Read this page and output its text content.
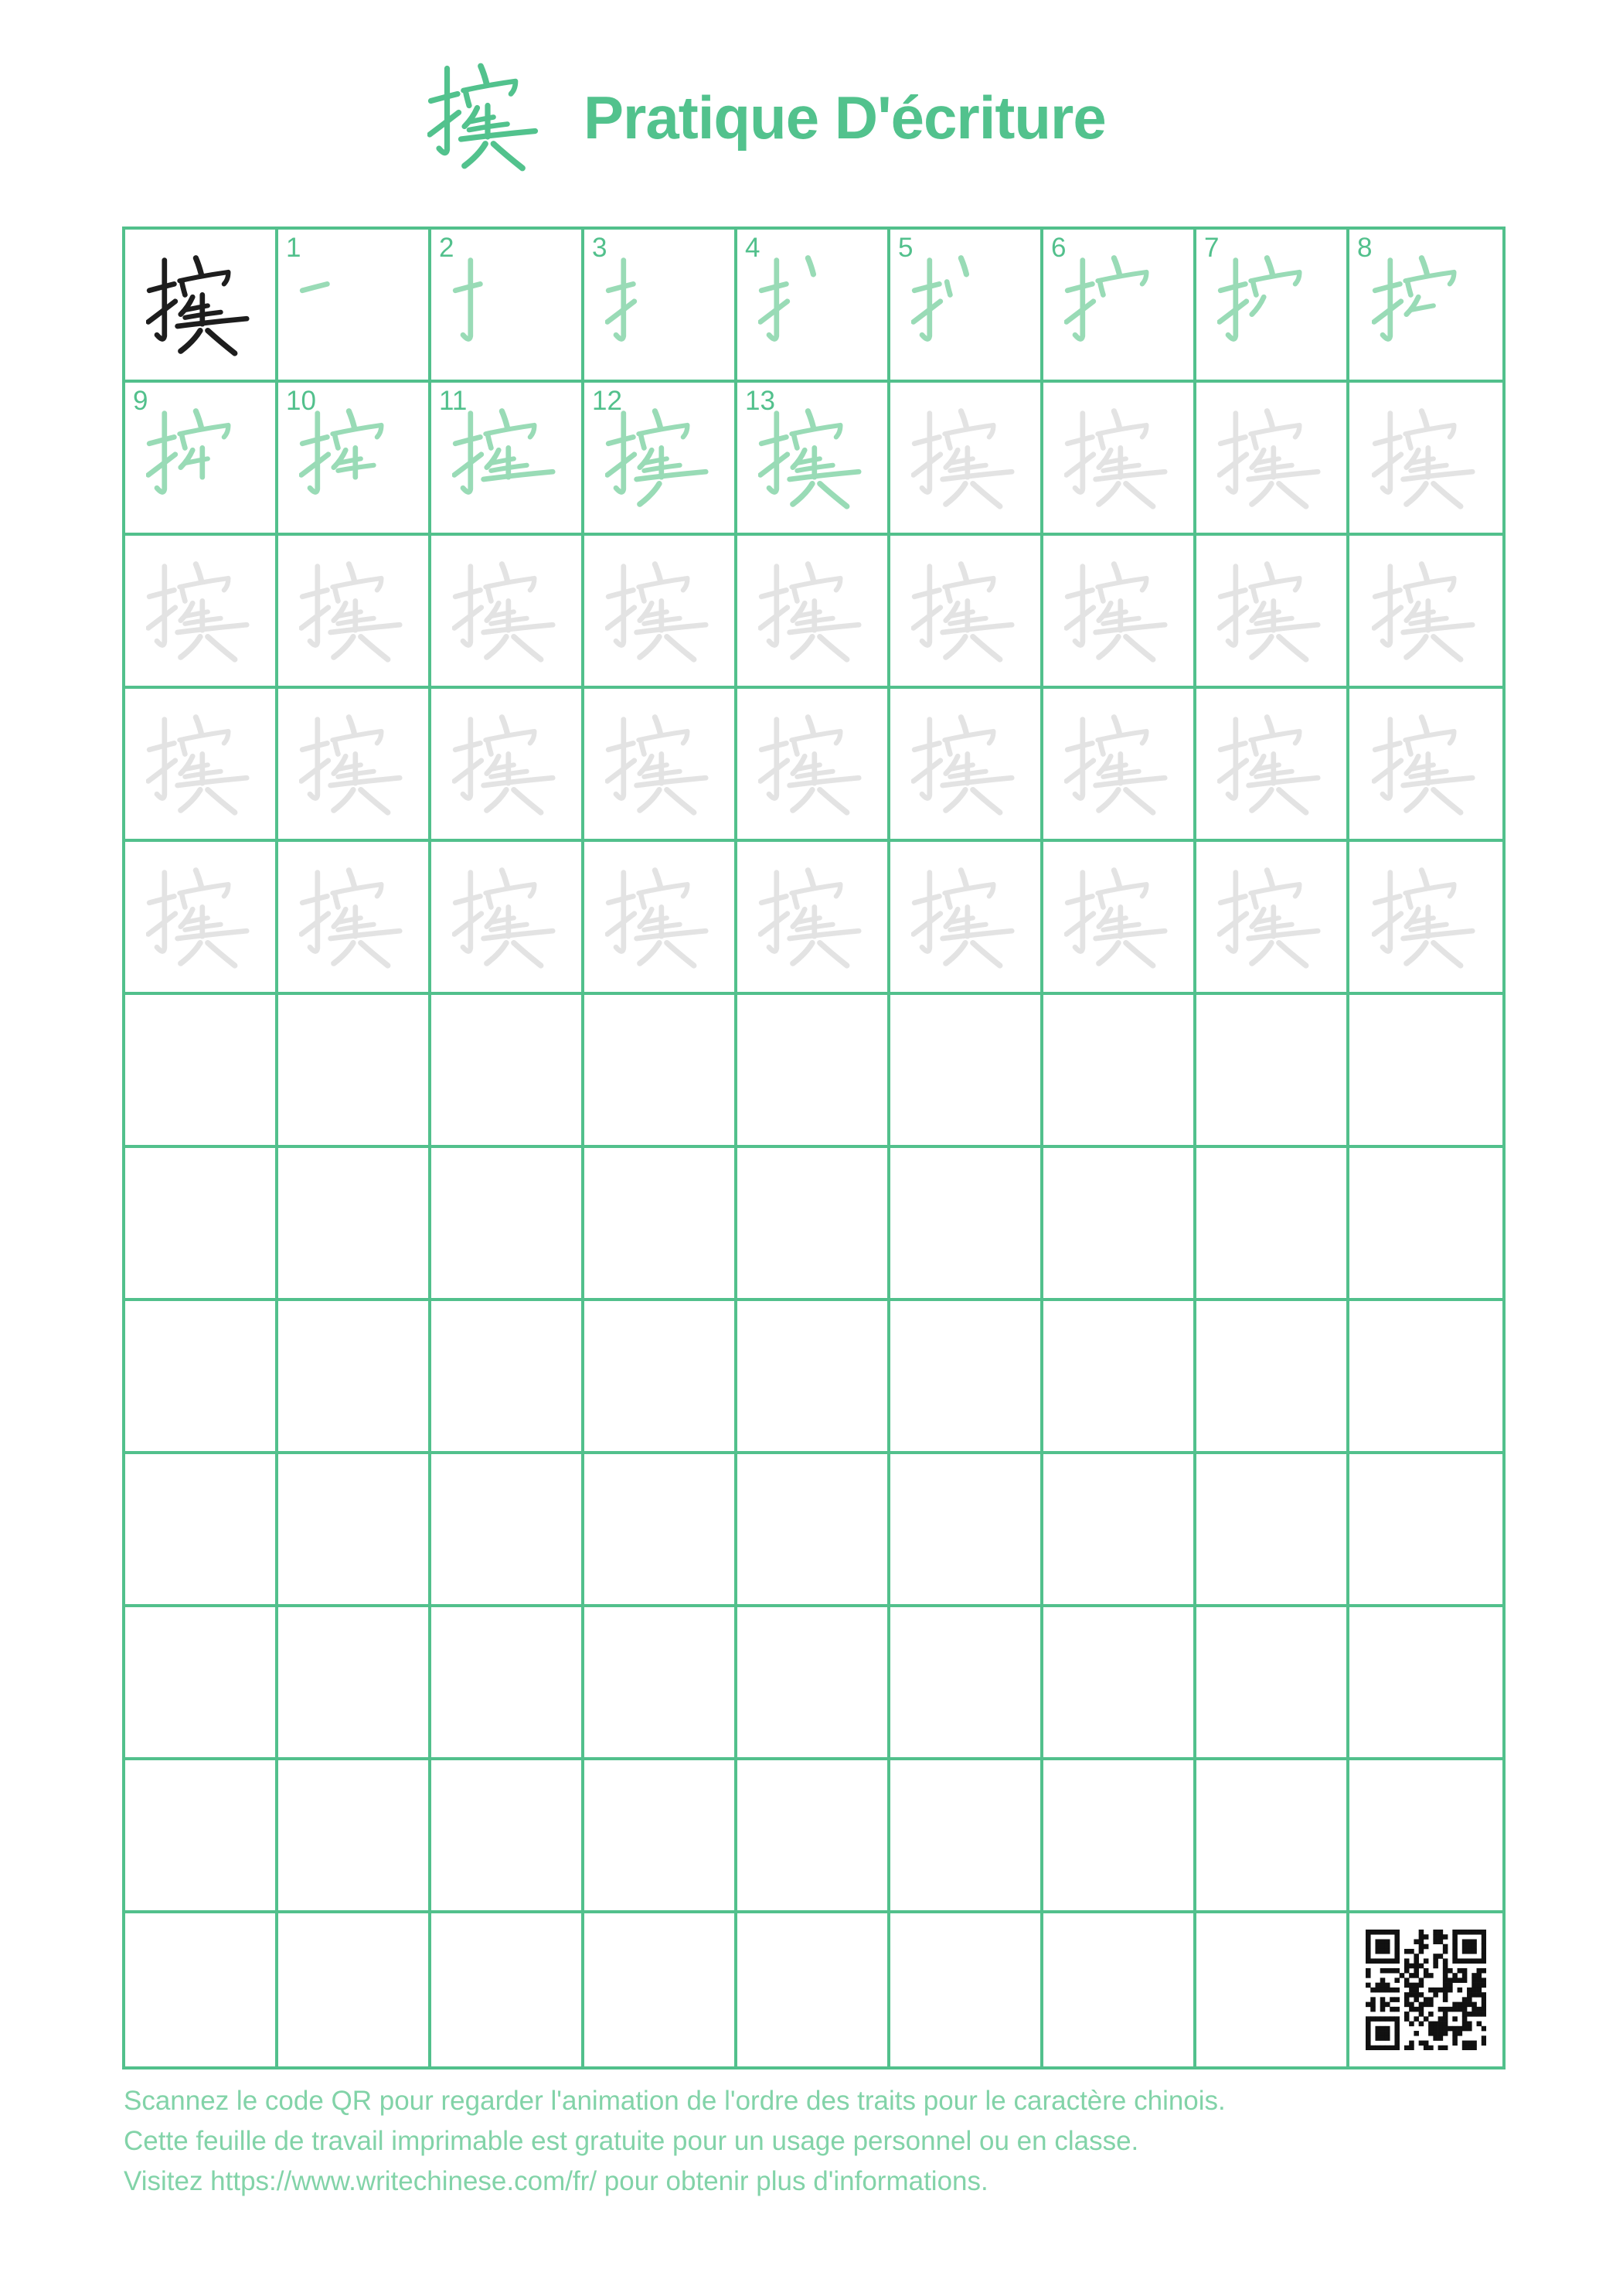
Pratique D'écriture
1	2	3	4	5	6	7	8
9	10	11	12	13

Scannez le code QR pour regarder l'animation de l'ordre des traits pour le caractère chinois.

Cette feuille de travail imprimable est gratuite pour un usage personnel ou en classe.

Visitez https://www.writechinese.com/fr/ pour obtenir plus d'informations.
